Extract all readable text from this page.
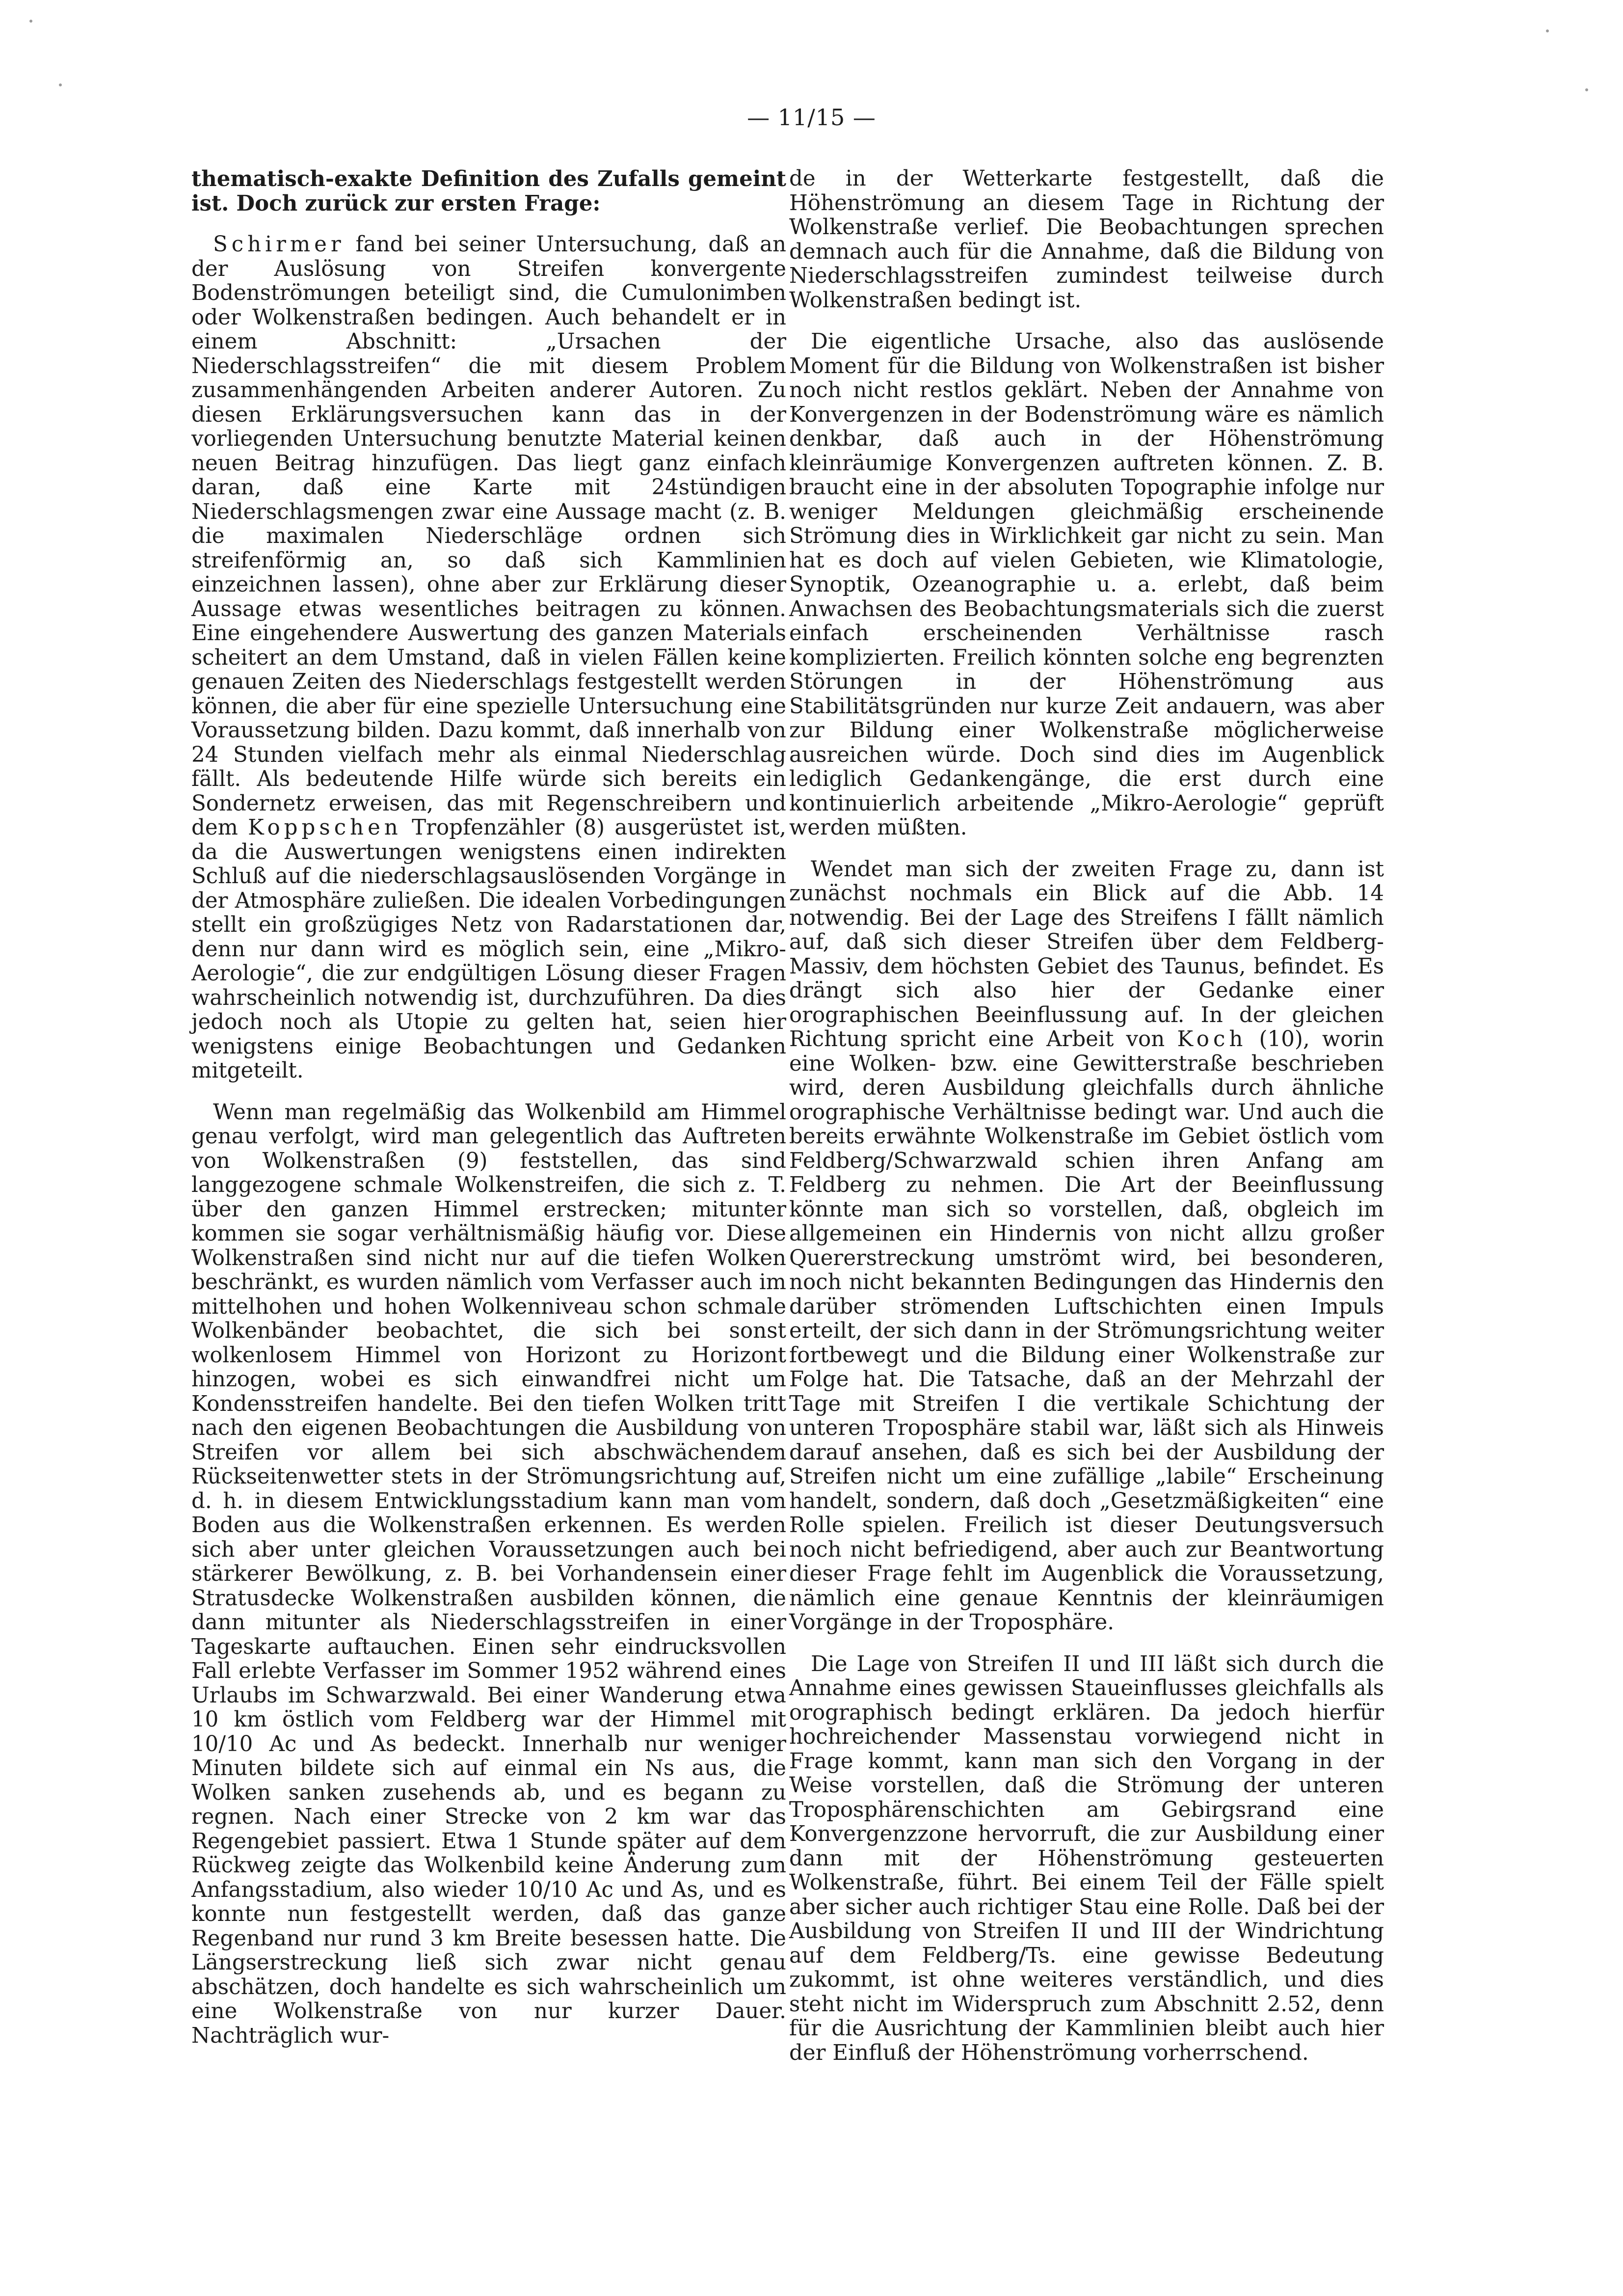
— 11/15 —

thematisch-exakte Definition des Zufalls gemeint ist. Doch zurück zur ersten Frage:

Schirmer fand bei seiner Untersuchung, daß an der Auslösung von Streifen konvergente Bodenströmungen beteiligt sind, die Cumulonimben oder Wolkenstraßen bedingen. Auch behandelt er in einem Abschnitt: „Ursachen der Niederschlagsstreifen“ die mit diesem Problem zusammenhängenden Arbeiten anderer Autoren. Zu diesen Erklärungsversuchen kann das in der vorliegenden Untersuchung benutzte Material keinen neuen Beitrag hinzufügen. Das liegt ganz einfach daran, daß eine Karte mit 24stündigen Niederschlagsmengen zwar eine Aussage macht (z. B. die maximalen Niederschläge ordnen sich streifenförmig an, so daß sich Kammlinien einzeichnen lassen), ohne aber zur Erklärung dieser Aussage etwas wesentliches beitragen zu können. Eine eingehendere Auswertung des ganzen Materials scheitert an dem Umstand, daß in vielen Fällen keine genauen Zeiten des Niederschlags festgestellt werden können, die aber für eine spezielle Untersuchung eine Voraussetzung bilden. Dazu kommt, daß innerhalb von 24 Stunden vielfach mehr als einmal Niederschlag fällt. Als bedeutende Hilfe würde sich bereits ein Sondernetz erweisen, das mit Regenschreibern und dem Koppschen Tropfenzähler (8) ausgerüstet ist, da die Auswertungen wenigstens einen indirekten Schluß auf die niederschlagsauslösenden Vorgänge in der Atmosphäre zuließen. Die idealen Vorbedingungen stellt ein großzügiges Netz von Radarstationen dar, denn nur dann wird es möglich sein, eine „Mikro-Aerologie“, die zur endgültigen Lösung dieser Fragen wahrscheinlich notwendig ist, durchzuführen. Da dies jedoch noch als Utopie zu gelten hat, seien hier wenigstens einige Beobachtungen und Gedanken mitgeteilt.

Wenn man regelmäßig das Wolkenbild am Himmel genau verfolgt, wird man gelegentlich das Auftreten von Wolkenstraßen (9) feststellen, das sind langgezogene schmale Wolkenstreifen, die sich z. T. über den ganzen Himmel erstrecken; mitunter kommen sie sogar verhältnismäßig häufig vor. Diese Wolkenstraßen sind nicht nur auf die tiefen Wolken beschränkt, es wurden nämlich vom Verfasser auch im mittelhohen und hohen Wolkenniveau schon schmale Wolkenbänder beobachtet, die sich bei sonst wolkenlosem Himmel von Horizont zu Horizont hinzogen, wobei es sich einwandfrei nicht um Kondensstreifen handelte. Bei den tiefen Wolken tritt nach den eigenen Beobachtungen die Ausbildung von Streifen vor allem bei sich abschwächendem Rückseitenwetter stets in der Strömungsrichtung auf, d. h. in diesem Entwicklungsstadium kann man vom Boden aus die Wolkenstraßen erkennen. Es werden sich aber unter gleichen Voraussetzungen auch bei stärkerer Bewölkung, z. B. bei Vorhandensein einer Stratusdecke Wolkenstraßen ausbilden können, die dann mitunter als Niederschlagsstreifen in einer Tageskarte auftauchen. Einen sehr eindrucksvollen Fall erlebte Verfasser im Sommer 1952 während eines Urlaubs im Schwarzwald. Bei einer Wanderung etwa 10 km östlich vom Feldberg war der Himmel mit 10/10 Ac und As bedeckt. Innerhalb nur weniger Minuten bildete sich auf einmal ein Ns aus, die Wolken sanken zusehends ab, und es begann zu regnen. Nach einer Strecke von 2 km war das Regengebiet passiert. Etwa 1 Stunde später auf dem Rückweg zeigte das Wolkenbild keine Änderung zum Anfangsstadium, also wieder 10/10 Ac und As, und es konnte nun festgestellt werden, daß das ganze Regenband nur rund 3 km Breite besessen hatte. Die Längserstreckung ließ sich zwar nicht genau abschätzen, doch handelte es sich wahrscheinlich um eine Wolkenstraße von nur kurzer Dauer. Nachträglich wur-

de in der Wetterkarte festgestellt, daß die Höhenströmung an diesem Tage in Richtung der Wolkenstraße verlief. Die Beobachtungen sprechen demnach auch für die Annahme, daß die Bildung von Niederschlagsstreifen zumindest teilweise durch Wolkenstraßen bedingt ist.

Die eigentliche Ursache, also das auslösende Moment für die Bildung von Wolkenstraßen ist bisher noch nicht restlos geklärt. Neben der Annahme von Konvergenzen in der Bodenströmung wäre es nämlich denkbar, daß auch in der Höhenströmung kleinräumige Konvergenzen auftreten können. Z. B. braucht eine in der absoluten Topographie infolge nur weniger Meldungen gleichmäßig erscheinende Strömung dies in Wirklichkeit gar nicht zu sein. Man hat es doch auf vielen Gebieten, wie Klimatologie, Synoptik, Ozeanographie u. a. erlebt, daß beim Anwachsen des Beobachtungsmaterials sich die zuerst einfach erscheinenden Verhältnisse rasch komplizierten. Freilich könnten solche eng begrenzten Störungen in der Höhenströmung aus Stabilitätsgründen nur kurze Zeit andauern, was aber zur Bildung einer Wolkenstraße möglicherweise ausreichen würde. Doch sind dies im Augenblick lediglich Gedankengänge, die erst durch eine kontinuierlich arbeitende „Mikro-Aerologie“ geprüft werden müßten.

Wendet man sich der zweiten Frage zu, dann ist zunächst nochmals ein Blick auf die Abb. 14 notwendig. Bei der Lage des Streifens I fällt nämlich auf, daß sich dieser Streifen über dem Feldberg-Massiv, dem höchsten Gebiet des Taunus, befindet. Es drängt sich also hier der Gedanke einer orographischen Beeinflussung auf. In der gleichen Richtung spricht eine Arbeit von Koch (10), worin eine Wolken- bzw. eine Gewitterstraße beschrieben wird, deren Ausbildung gleichfalls durch ähnliche orographische Verhältnisse bedingt war. Und auch die bereits erwähnte Wolkenstraße im Gebiet östlich vom Feldberg/Schwarzwald schien ihren Anfang am Feldberg zu nehmen. Die Art der Beeinflussung könnte man sich so vorstellen, daß, obgleich im allgemeinen ein Hindernis von nicht allzu großer Quererstreckung umströmt wird, bei besonderen, noch nicht bekannten Bedingungen das Hindernis den darüber strömenden Luftschichten einen Impuls erteilt, der sich dann in der Strömungsrichtung weiter fortbewegt und die Bildung einer Wolkenstraße zur Folge hat. Die Tatsache, daß an der Mehrzahl der Tage mit Streifen I die vertikale Schichtung der unteren Troposphäre stabil war, läßt sich als Hinweis darauf ansehen, daß es sich bei der Ausbildung der Streifen nicht um eine zufällige „labile“ Erscheinung handelt, sondern, daß doch „Gesetzmäßigkeiten“ eine Rolle spielen. Freilich ist dieser Deutungsversuch noch nicht befriedigend, aber auch zur Beantwortung dieser Frage fehlt im Augenblick die Voraussetzung, nämlich eine genaue Kenntnis der kleinräumigen Vorgänge in der Troposphäre.

Die Lage von Streifen II und III läßt sich durch die Annahme eines gewissen Staueinflusses gleichfalls als orographisch bedingt erklären. Da jedoch hierfür hochreichender Massenstau vorwiegend nicht in Frage kommt, kann man sich den Vorgang in der Weise vorstellen, daß die Strömung der unteren Troposphärenschichten am Gebirgsrand eine Konvergenzzone hervorruft, die zur Ausbildung einer dann mit der Höhenströmung gesteuerten Wolkenstraße, führt. Bei einem Teil der Fälle spielt aber sicher auch richtiger Stau eine Rolle. Daß bei der Ausbildung von Streifen II und III der Windrichtung auf dem Feldberg/Ts. eine gewisse Bedeutung zukommt, ist ohne weiteres verständlich, und dies steht nicht im Widerspruch zum Abschnitt 2.52, denn für die Ausrichtung der Kammlinien bleibt auch hier der Einfluß der Höhenströmung vorherrschend.
